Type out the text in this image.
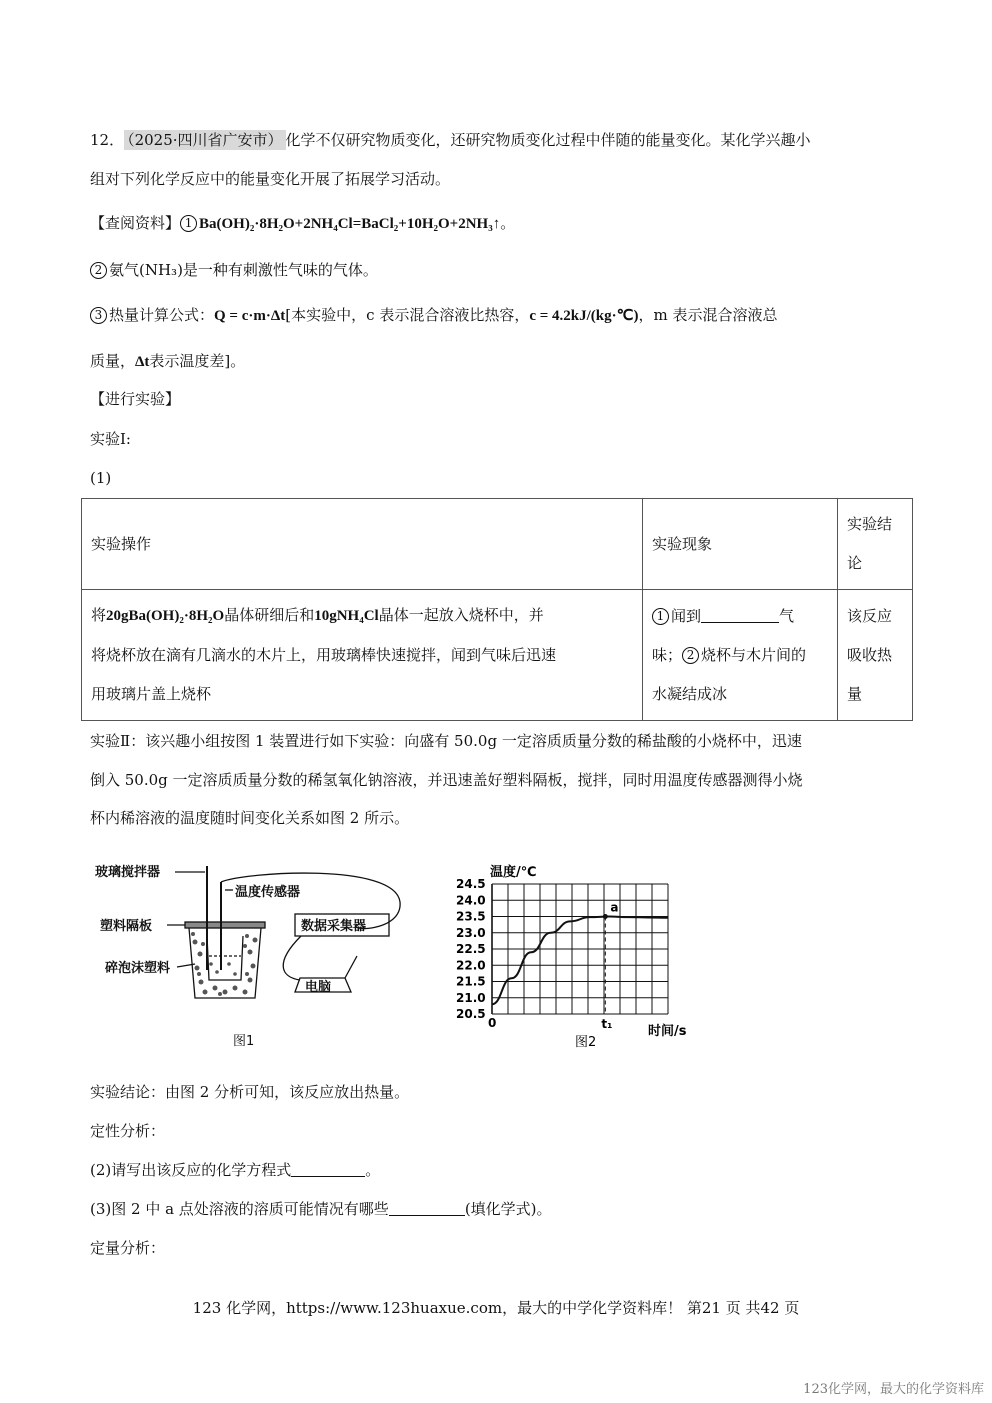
12． （2025·四川省广安市） 化学不仅研究物质变化，还研究物质变化过程中伴随的能量变化。某化学兴趣小
组对下列化学反应中的能量变化开展了拓展学习活动。
【查阅资料】 1 Ba(OH)₂·8H₂O+2NH₄Cl=BaCl₂+10H₂O+2NH₃↑。
2 氨气(NH₃)是一种有刺激性气味的气体。
3 热量计算公式：Q = c·m·Δt[本实验中，c 表示混合溶液比热容，c = 4.2kJ/(kg·℃)，m 表示混合溶液总
质量，Δt表示温度差]。
【进行实验】
实验Ⅰ:
(1)
实验操作	实验现象	实验结论
将20gBa(OH)₂·8H₂O晶体研细后和10gNH₄Cl晶体一起放入烧杯中，并
将烧杯放在滴有几滴水的木片上，用玻璃棒快速搅拌，闻到气味后迅速
用玻璃片盖上烧杯	1 闻到 气
味； 2 烧杯与木片间的
水凝结成冰	该反应吸收热量
实验Ⅱ：该兴趣小组按图 1 装置进行如下实验：向盛有 50.0g 一定溶质质量分数的稀盐酸的小烧杯中，迅速
倒入 50.0g 一定溶质质量分数的稀氢氧化钠溶液，并迅速盖好塑料隔板，搅拌，同时用温度传感器测得小烧
杯内稀溶液的温度随时间变化关系如图 2 所示。
玻璃搅拌器
温度传感器
塑料隔板
碎泡沫塑料
数据采集器
电脑
图1
24.5
24.0
23.5
23.0
22.5
22.0
21.5
21.0
20.5
a
温度/℃
时间/s
0	t₁
图2
实验结论：由图 2 分析可知，该反应放出热量。
定性分析：
(2)请写出该反应的化学方程式	。
(3)图 2 中 a 点处溶液的溶质可能情况有哪些	(填化学式)。
定量分析：
123 化学网，https://www.123huaxue.com，最大的中学化学资料库！ 第21 页 共42 页
123化学网，最大的化学资料库
